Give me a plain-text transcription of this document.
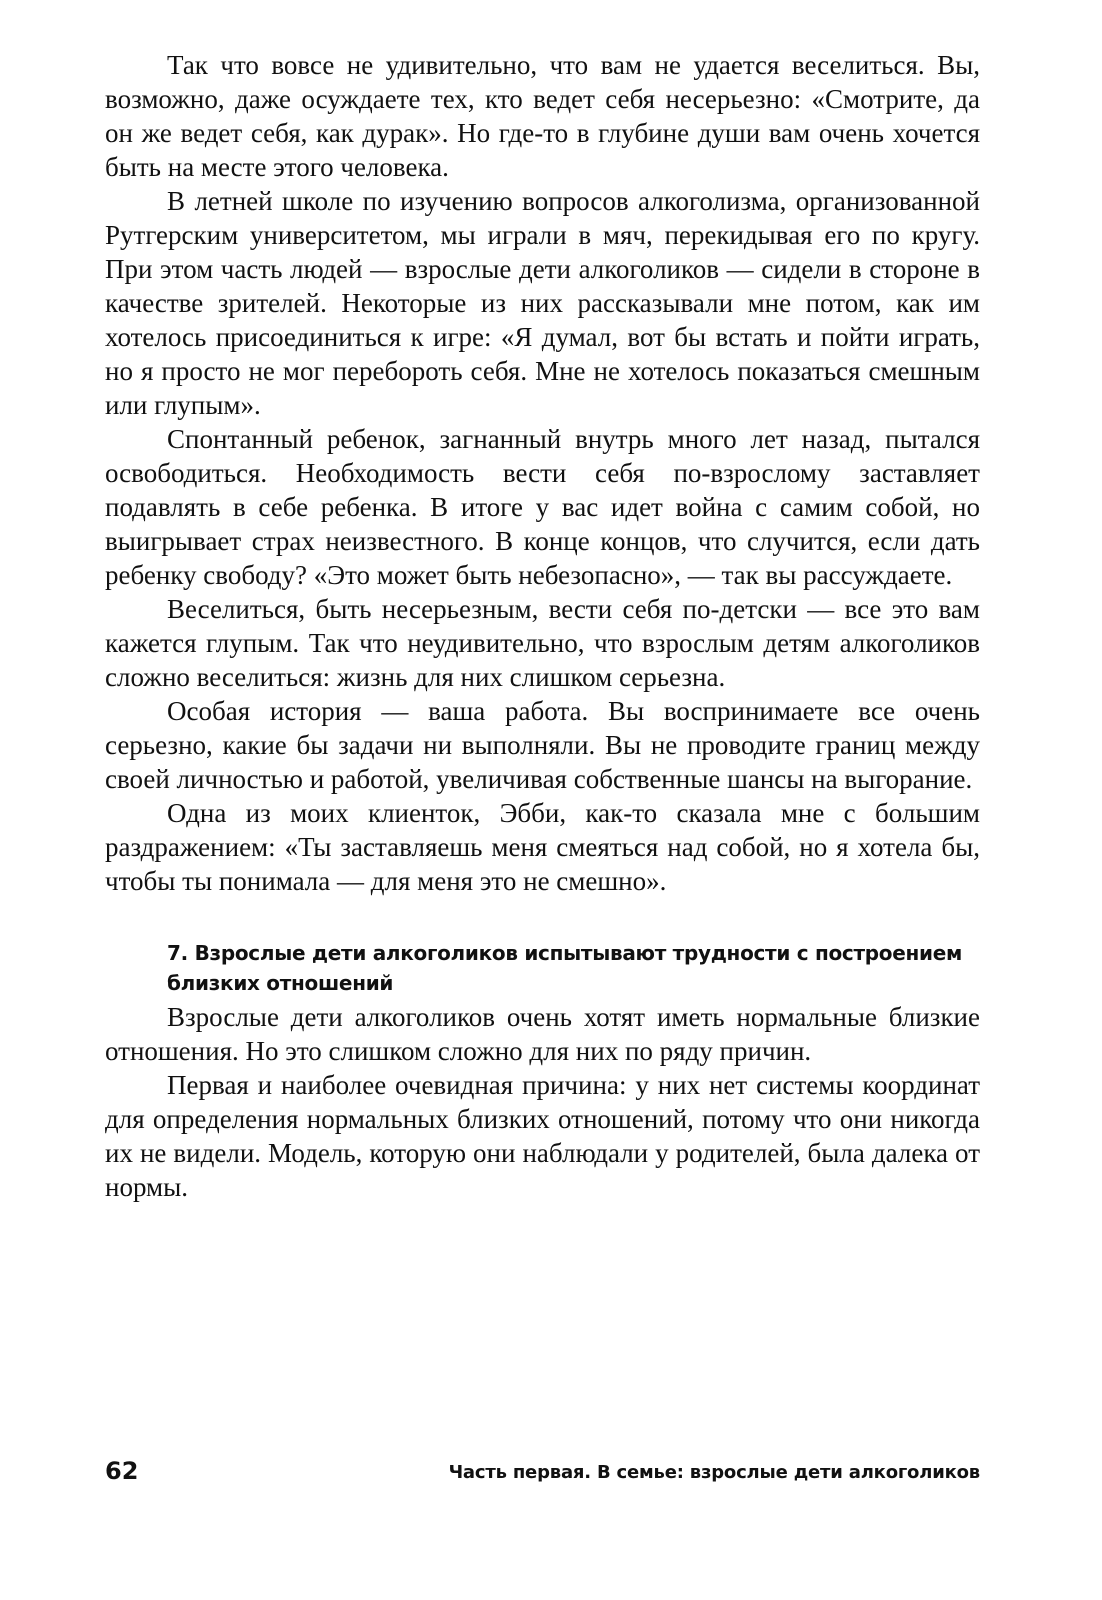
Так что вовсе не удивительно, что вам не удается веселиться. Вы, возможно, даже осуждаете тех, кто ведет себя несерьезно: «Смотрите, да он же ведет себя, как дурак». Но где-то в глубине души вам очень хочется быть на месте этого человека.

В летней школе по изучению вопросов алкоголизма, организованной Рутгерским университетом, мы играли в мяч, перекидывая его по кругу. При этом часть людей — взрослые дети алкоголиков — сидели в стороне в качестве зрителей. Некоторые из них рассказывали мне потом, как им хотелось присоединиться к игре: «Я думал, вот бы встать и пойти играть, но я просто не мог перебороть себя. Мне не хотелось показаться смешным или глупым».

Спонтанный ребенок, загнанный внутрь много лет назад, пытался освободиться. Необходимость вести себя по-взрослому заставляет подавлять в себе ребенка. В итоге у вас идет война с самим собой, но выигрывает страх неизвестного. В конце концов, что случится, если дать ребенку свободу? «Это может быть небезопасно», — так вы рассуждаете.

Веселиться, быть несерьезным, вести себя по-детски — все это вам кажется глупым. Так что неудивительно, что взрослым детям алкоголиков сложно веселиться: жизнь для них слишком серьезна.

Особая история — ваша работа. Вы воспринимаете все очень серьезно, какие бы задачи ни выполняли. Вы не проводите границ между своей личностью и работой, увеличивая собственные шансы на выгорание.

Одна из моих клиенток, Эбби, как-то сказала мне с большим раздражением: «Ты заставляешь меня смеяться над собой, но я хотела бы, чтобы ты понимала — для меня это не смешно».

7. Взрослые дети алкоголиков испытывают трудности с построением близких отношений

Взрослые дети алкоголиков очень хотят иметь нормальные близкие отношения. Но это слишком сложно для них по ряду причин.

Первая и наиболее очевидная причина: у них нет системы координат для определения нормальных близких отношений, потому что они никогда их не видели. Модель, которую они наблюдали у родителей, была далека от нормы.

62	Часть первая. В семье: взрослые дети алкоголиков
